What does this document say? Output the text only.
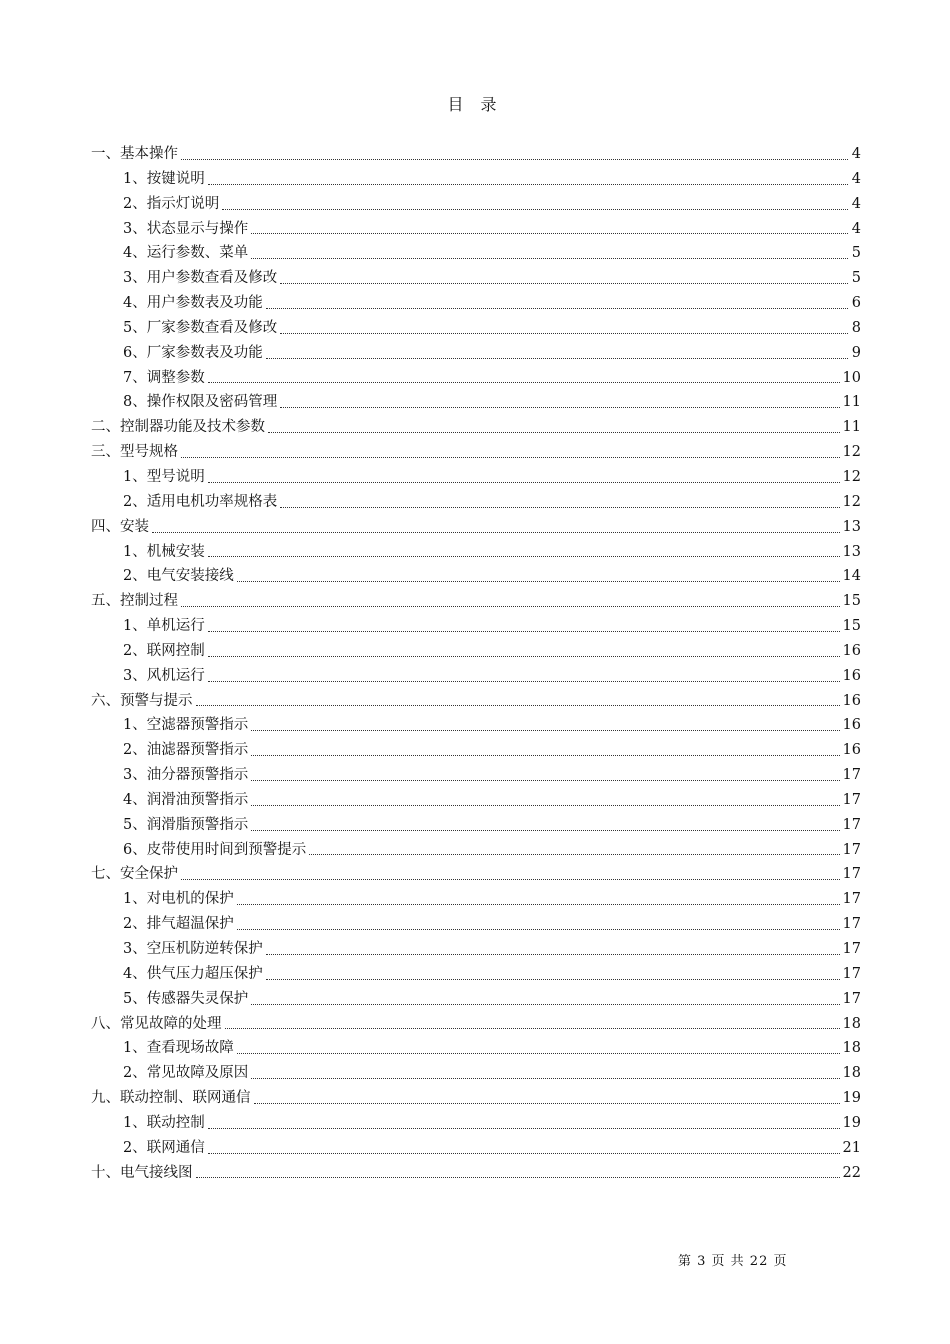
目 录
一、基本操作	4
1、按键说明	4
2、指示灯说明	4
3、状态显示与操作	4
4、运行参数、菜单	5
3、用户参数查看及修改	5
4、用户参数表及功能	6
5、厂家参数查看及修改	8
6、厂家参数表及功能	9
7、调整参数	10
8、操作权限及密码管理	11
二、控制器功能及技术参数	11
三、型号规格	12
1、型号说明	12
2、适用电机功率规格表	12
四、安装	13
1、机械安装	13
2、电气安装接线	14
五、控制过程	15
1、单机运行	15
2、联网控制	16
3、风机运行	16
六、预警与提示	16
1、空滤器预警指示	16
2、油滤器预警指示	16
3、油分器预警指示	17
4、润滑油预警指示	17
5、润滑脂预警指示	17
6、皮带使用时间到预警提示	17
七、安全保护	17
1、对电机的保护	17
2、排气超温保护	17
3、空压机防逆转保护	17
4、供气压力超压保护	17
5、传感器失灵保护	17
八、常见故障的处理	18
1、查看现场故障	18
2、常见故障及原因	18
九、联动控制、联网通信	19
1、联动控制	19
2、联网通信	21
十、电气接线图	22
第 3 页 共 22 页
